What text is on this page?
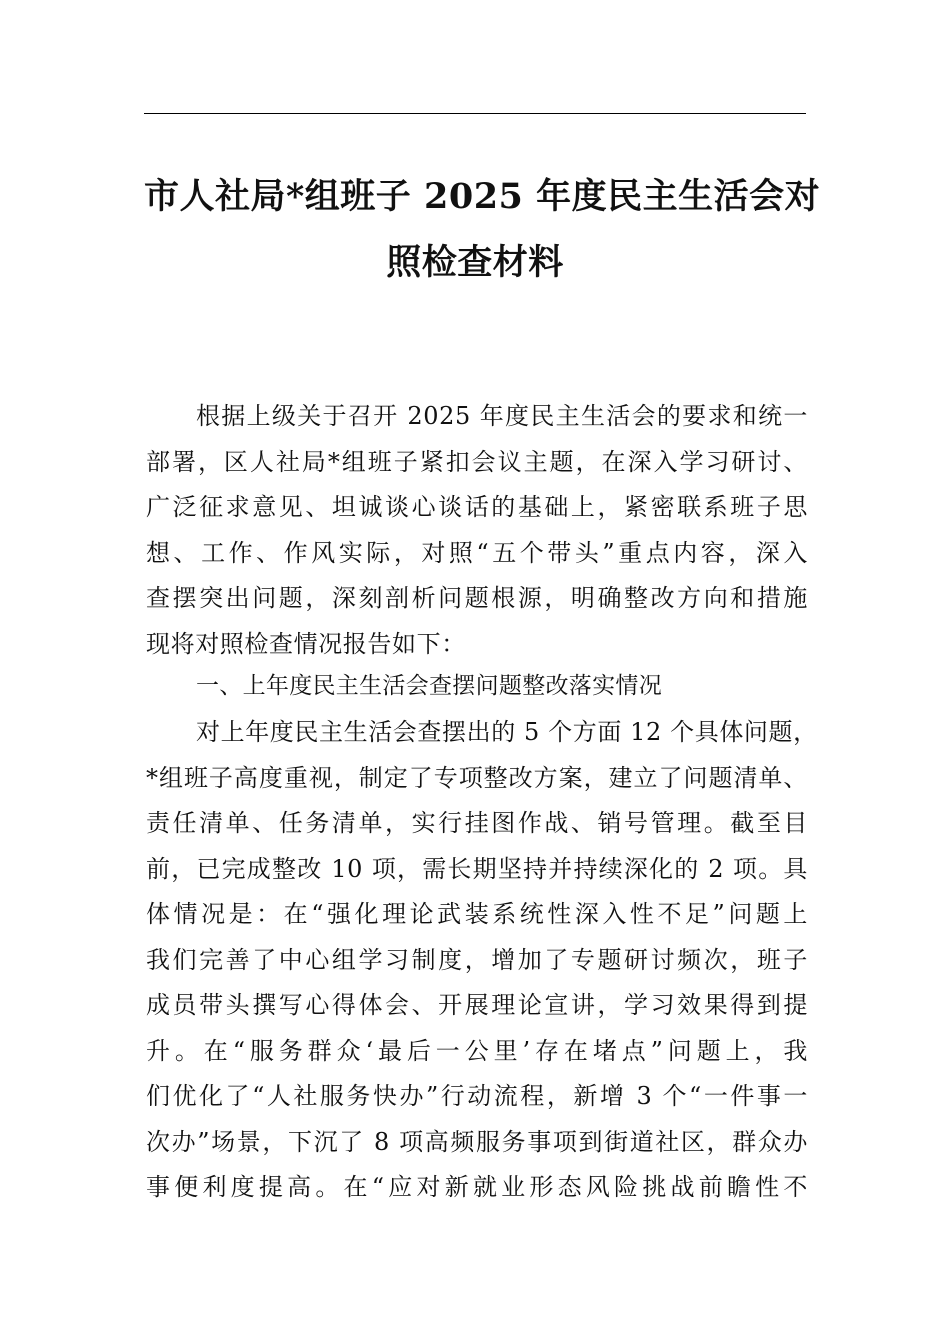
市人社局*组班子 2025 年度民主生活会对
照检查材料
根据上级关于召开 2025 年度民主生活会的要求和统一
部署，区人社局*组班子紧扣会议主题，在深入学习研讨、
广泛征求意见、坦诚谈心谈话的基础上，紧密联系班子思
想、工作、作风实际，对照“五个带头”重点内容，深入
查摆突出问题，深刻剖析问题根源，明确整改方向和措施
现将对照检查情况报告如下：
一、上年度民主生活会查摆问题整改落实情况
对上年度民主生活会查摆出的 5 个方面 12 个具体问题，
*组班子高度重视，制定了专项整改方案，建立了问题清单、
责任清单、任务清单，实行挂图作战、销号管理。截至目
前，已完成整改 10 项，需长期坚持并持续深化的 2 项。具
体情况是：在“强化理论武装系统性深入性不足”问题上
我们完善了中心组学习制度，增加了专题研讨频次，班子
成员带头撰写心得体会、开展理论宣讲，学习效果得到提
升。在“服务群众‘最后一公里’存在堵点”问题上，我
们优化了“人社服务快办”行动流程，新增 3 个“一件事一
次办”场景，下沉了 8 项高频服务事项到街道社区，群众办
事便利度提高。在“应对新就业形态风险挑战前瞻性不
